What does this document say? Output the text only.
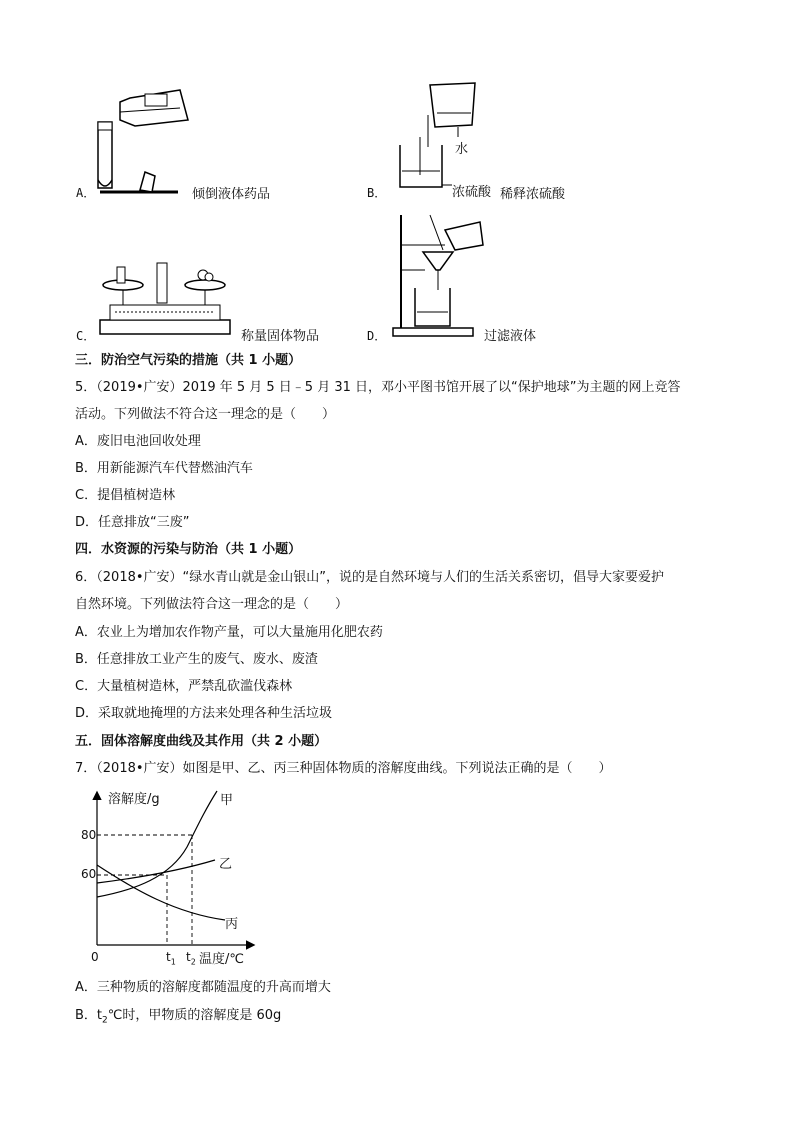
A．	倾倒液体药品	B．
水
浓硫酸 稀释浓硫酸
C．	称量固体物品	D．	过滤液体
三．防治空气污染的措施（共 1 小题）
5．（2019•广安）2019 年 5 月 5 日﹣5 月 31 日，邓小平图书馆开展了以“保护地球”为主题的网上竞答
活动。下列做法不符合这一理念的是（　　）
A．废旧电池回收处理
B．用新能源汽车代替燃油汽车
C．提倡植树造林
D．任意排放“三废”
四．水资源的污染与防治（共 1 小题）
6．（2018•广安）“绿水青山就是金山银山”，说的是自然环境与人们的生活关系密切，倡导大家要爱护
自然环境。下列做法符合这一理念的是（　　）
A．农业上为增加农作物产量，可以大量施用化肥农药
B．任意排放工业产生的废气、废水、废渣
C．大量植树造林，严禁乱砍滥伐森林
D．采取就地掩埋的方法来处理各种生活垃圾
五．固体溶解度曲线及其作用（共 2 小题）
7．（2018•广安）如图是甲、乙、丙三种固体物质的溶解度曲线。下列说法正确的是（　　）
溶解度/g	甲
80
乙
60
丙
0	$t_1$ $t_2$ 温度/℃
A．三种物质的溶解度都随温度的升高而增大
B．$t_2℃$时，甲物质的溶解度是 60g
